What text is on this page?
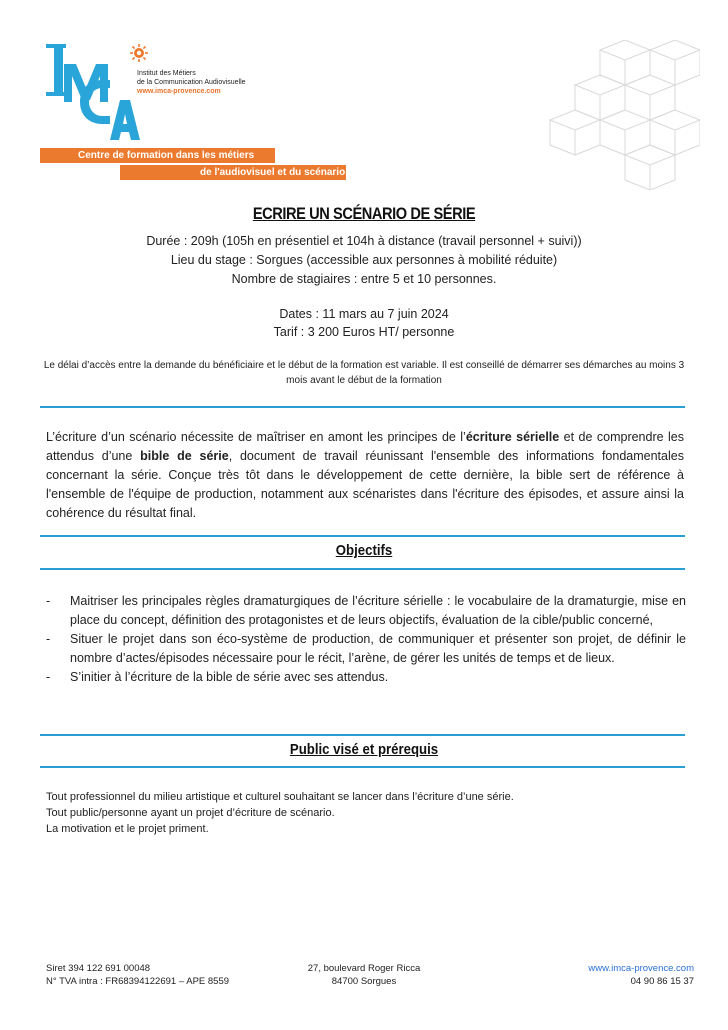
Institut des Métiers
de la Communication Audiovisuelle
www.imca-provence.com
Centre de formation dans les métiers
de l'audiovisuel et du scénario
ECRIRE UN SCÉNARIO DE SÉRIE
Durée : 209h (105h en présentiel et 104h à distance (travail personnel + suivi))
Lieu du stage : Sorgues (accessible aux personnes à mobilité réduite)
Nombre de stagiaires : entre 5 et 10 personnes.
Dates : 11 mars au 7 juin 2024
Tarif : 3 200 Euros HT/ personne
Le délai d’accès entre la demande du bénéficiaire et le début de la formation est variable. Il est conseillé de démarrer ses démarches au moins 3 mois avant le début de la formation
L’écriture d’un scénario nécessite de maîtriser en amont les principes de l’écriture sérielle et de comprendre les attendus d’une bible de série, document de travail réunissant l'ensemble des informations fondamentales concernant la série. Conçue très tôt dans le développement de cette dernière, la bible sert de référence à l'ensemble de l'équipe de production, notamment aux scénaristes dans l'écriture des épisodes, et assure ainsi la cohérence du résultat final.
Objectifs
- Maitriser les principales règles dramaturgiques de l’écriture sérielle : le vocabulaire de la dramaturgie, mise en place du concept, définition des protagonistes et de leurs objectifs, évaluation de la cible/public concerné,
- Situer le projet dans son éco-système de production, de communiquer et présenter son projet, de définir le nombre d’actes/épisodes nécessaire pour le récit, l’arène, de gérer les unités de temps et de lieux.
- S’initier à l’écriture de la bible de série avec ses attendus.
Public visé et prérequis
Tout professionnel du milieu artistique et culturel souhaitant se lancer dans l’écriture d’une série.
Tout public/personne ayant un projet d’écriture de scénario.
La motivation et le projet priment.
Siret 394 122 691 00048
N° TVA intra : FR68394122691 – APE 8559
27, boulevard Roger Ricca
84700 Sorgues
www.imca-provence.com
04 90 86 15 37
